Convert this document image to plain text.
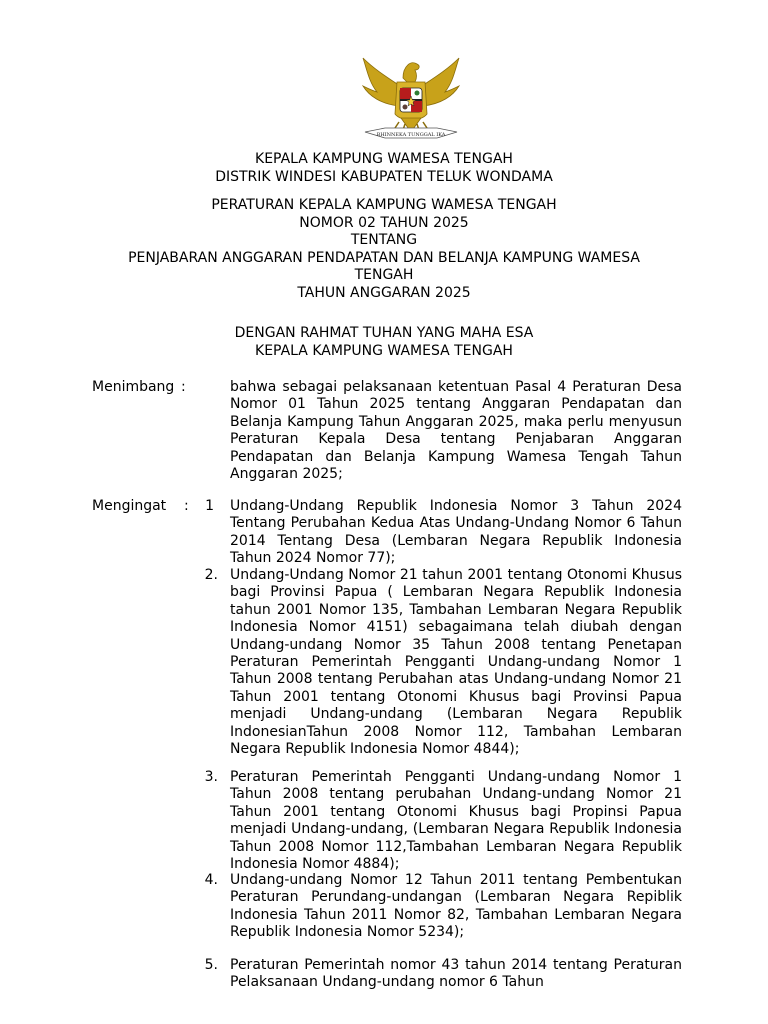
BHINNEKA TUNGGAL IKA
KEPALA KAMPUNG WAMESA TENGAH
DISTRIK WINDESI KABUPATEN TELUK WONDAMA
PERATURAN KEPALA KAMPUNG WAMESA TENGAH
NOMOR 02 TAHUN 2025
TENTANG
PENJABARAN ANGGARAN PENDAPATAN DAN BELANJA KAMPUNG WAMESA
TENGAH
TAHUN ANGGARAN 2025
DENGAN RAHMAT TUHAN YANG MAHA ESA
KEPALA KAMPUNG WAMESA TENGAH
Menimbang :	bahwa sebagai pelaksanaan ketentuan Pasal 4 Peraturan Desa Nomor 01 Tahun 2025 tentang Anggaran Pendapatan dan Belanja Kampung Tahun Anggaran 2025, maka perlu menyusun Peraturan Kepala Desa tentang Penjabaran Anggaran Pendapatan dan Belanja Kampung Wamesa Tengah Tahun Anggaran 2025;
Mengingat :	1 Undang-Undang Republik Indonesia Nomor 3 Tahun 2024 Tentang Perubahan Kedua Atas Undang-Undang Nomor 6 Tahun 2014 Tentang Desa (Lembaran Negara Republik Indonesia Tahun 2024 Nomor 77);
2. Undang-Undang Nomor 21 tahun 2001 tentang Otonomi Khusus bagi Provinsi Papua ( Lembaran Negara Republik Indonesia tahun 2001 Nomor 135, Tambahan Lembaran Negara Republik Indonesia Nomor 4151) sebagaimana telah diubah dengan Undang-undang Nomor 35 Tahun 2008 tentang Penetapan Peraturan Pemerintah Pengganti Undang-undang Nomor 1 Tahun 2008 tentang Perubahan atas Undang-undang Nomor 21 Tahun 2001 tentang Otonomi Khusus bagi Provinsi Papua menjadi Undang-undang (Lembaran Negara Republik IndonesianTahun 2008 Nomor 112, Tambahan Lembaran Negara Republik Indonesia Nomor 4844);
3. Peraturan Pemerintah Pengganti Undang-undang Nomor 1 Tahun 2008 tentang perubahan Undang-undang Nomor 21 Tahun 2001 tentang Otonomi Khusus bagi Propinsi Papua menjadi Undang-undang, (Lembaran Negara Republik Indonesia Tahun 2008 Nomor 112,Tambahan Lembaran Negara Republik Indonesia Nomor 4884);
4. Undang-undang Nomor 12 Tahun 2011 tentang Pembentukan Peraturan Perundang-undangan (Lembaran Negara Repiblik Indonesia Tahun 2011 Nomor 82, Tambahan Lembaran Negara Republik Indonesia Nomor 5234);
5. Peraturan Pemerintah nomor 43 tahun 2014 tentang Peraturan Pelaksanaan Undang-undang nomor 6 Tahun
